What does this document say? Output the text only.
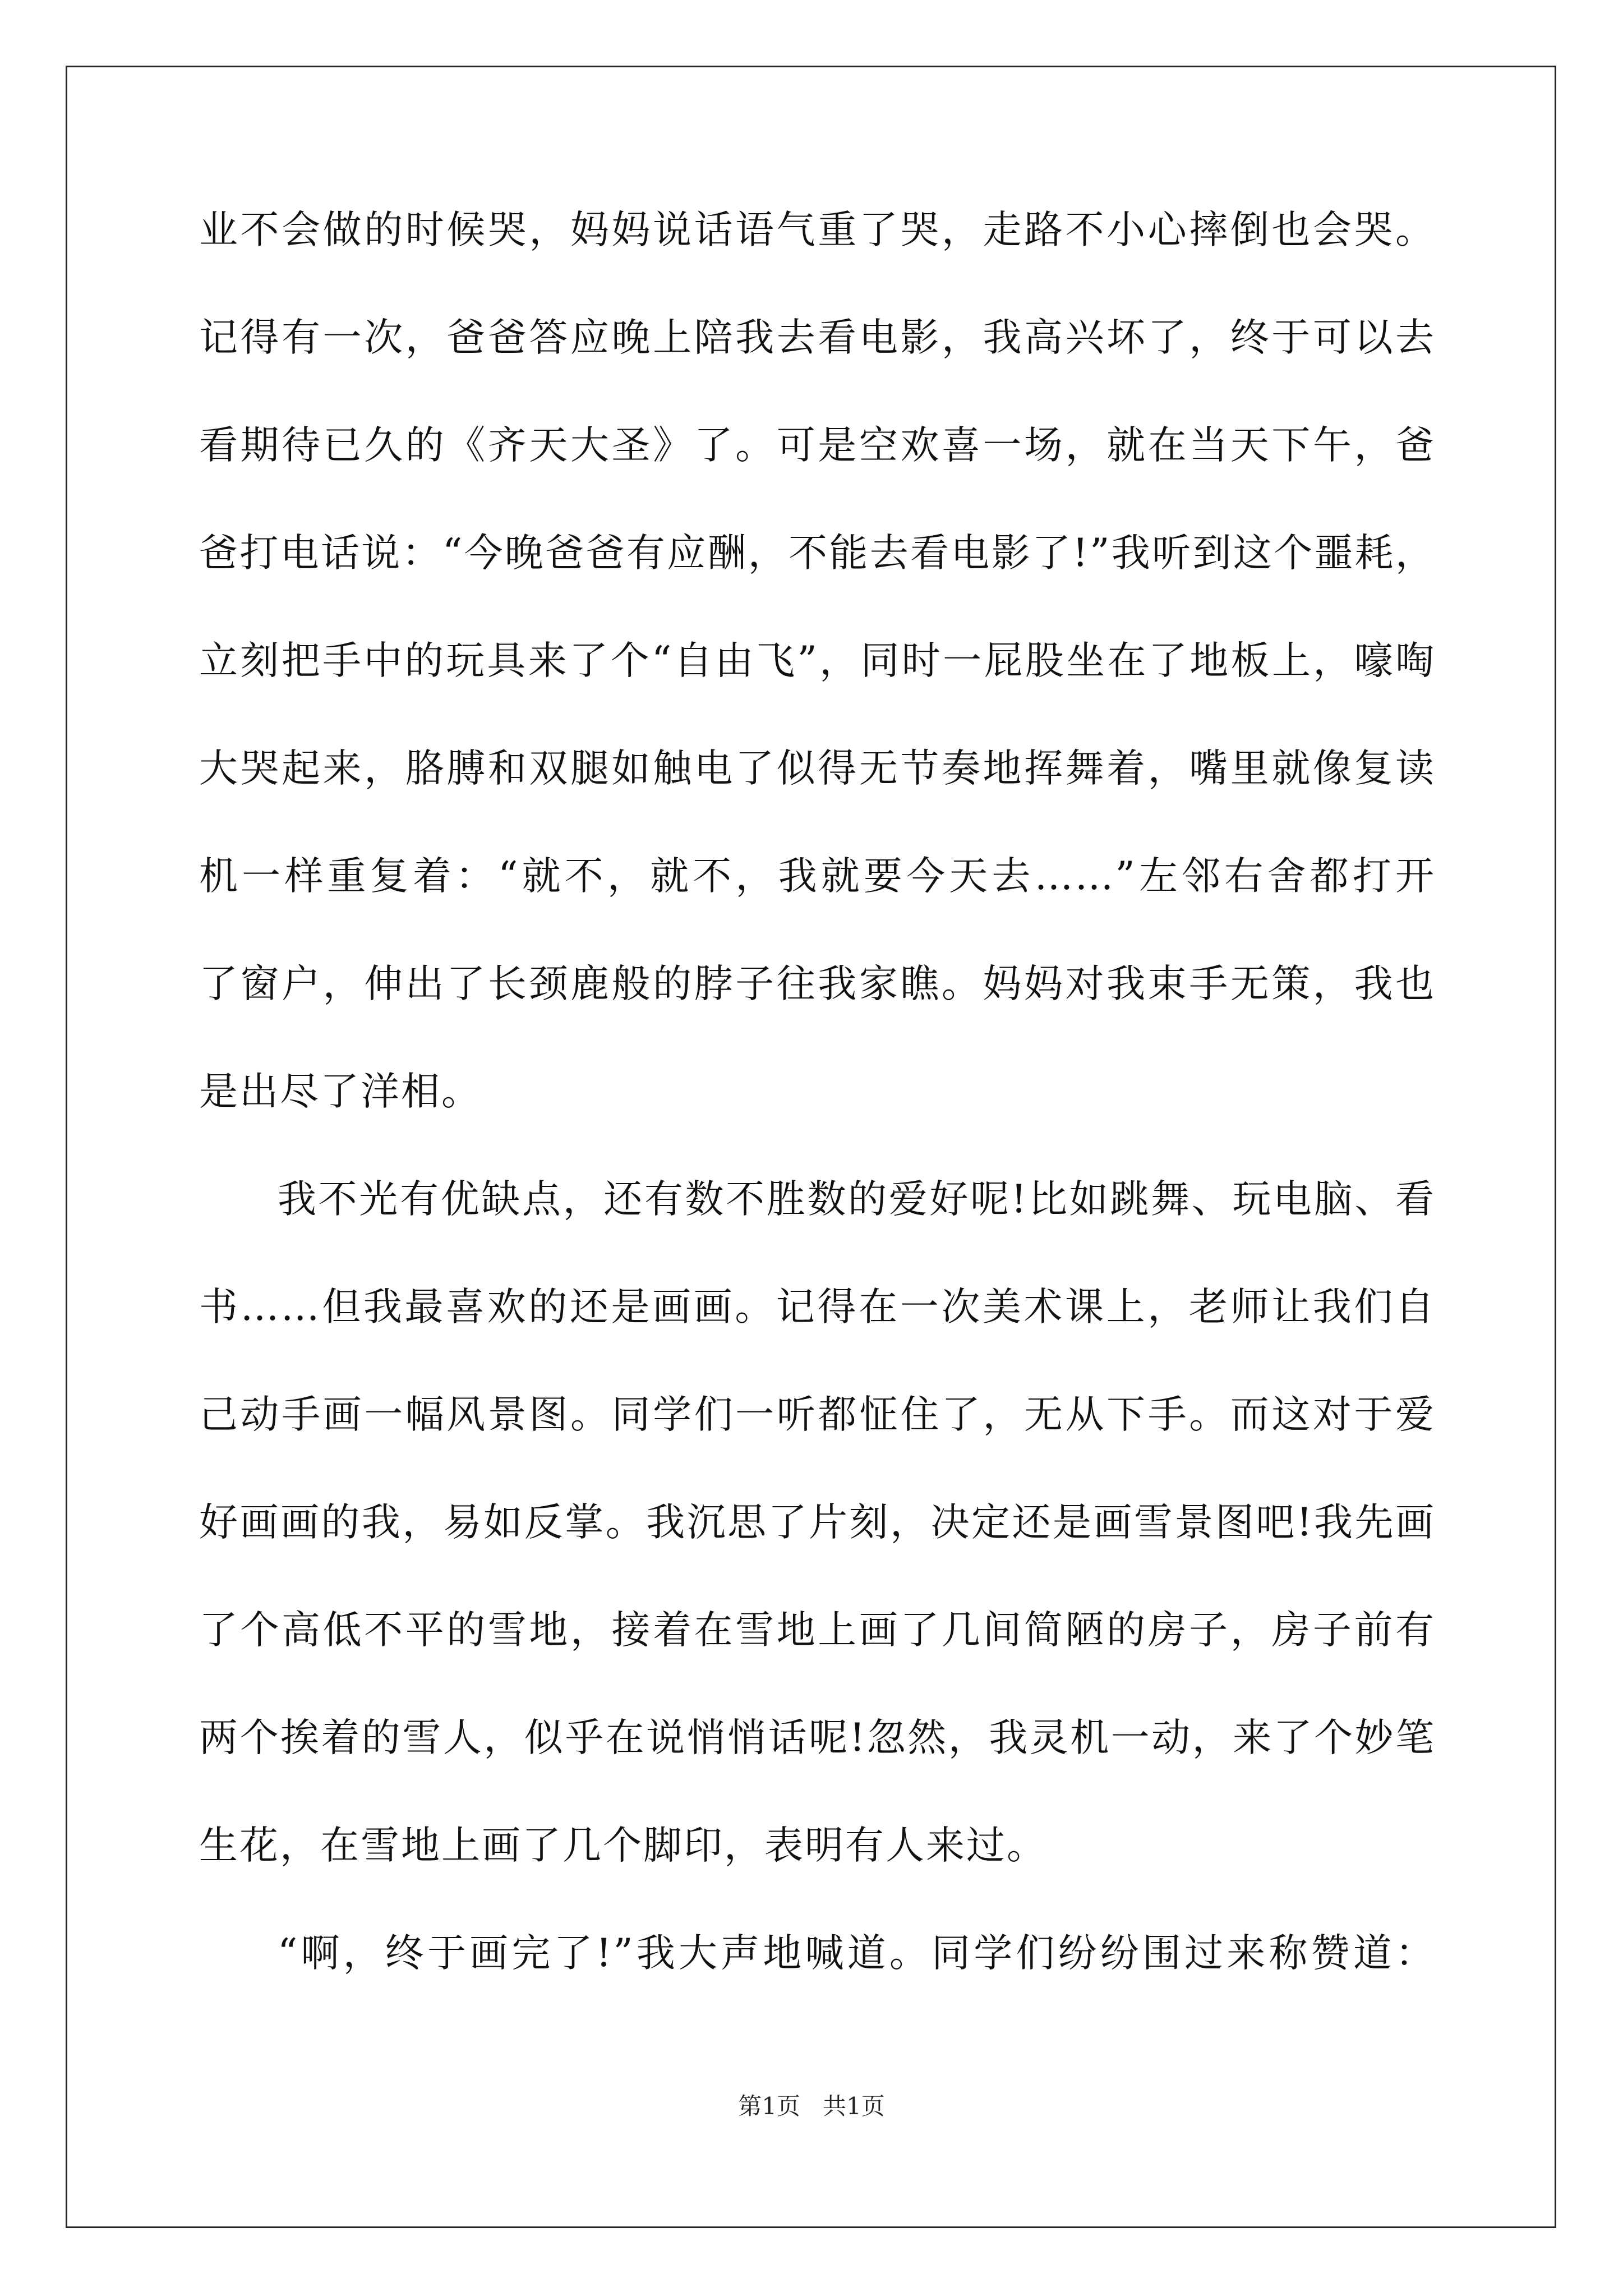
业不会做的时候哭，妈妈说话语气重了哭，走路不小心摔倒也会哭。
记得有一次，爸爸答应晚上陪我去看电影，我高兴坏了，终于可以去
看期待已久的《齐天大圣》了。可是空欢喜一场，就在当天下午，爸
爸打电话说：“今晚爸爸有应酬，不能去看电影了!”我听到这个噩耗，
立刻把手中的玩具来了个“自由飞”，同时一屁股坐在了地板上，嚎啕
大哭起来，胳膊和双腿如触电了似得无节奏地挥舞着，嘴里就像复读
机一样重复着：“就不，就不，我就要今天去……”左邻右舍都打开
了窗户，伸出了长颈鹿般的脖子往我家瞧。妈妈对我束手无策，我也
是出尽了洋相。
我不光有优缺点，还有数不胜数的爱好呢!比如跳舞、玩电脑、看
书……但我最喜欢的还是画画。记得在一次美术课上，老师让我们自
己动手画一幅风景图。同学们一听都怔住了，无从下手。而这对于爱
好画画的我，易如反掌。我沉思了片刻，决定还是画雪景图吧!我先画
了个高低不平的雪地，接着在雪地上画了几间简陋的房子，房子前有
两个挨着的雪人，似乎在说悄悄话呢!忽然，我灵机一动，来了个妙笔
生花，在雪地上画了几个脚印，表明有人来过。
“啊，终于画完了!”我大声地喊道。同学们纷纷围过来称赞道：
第1页   共1页
